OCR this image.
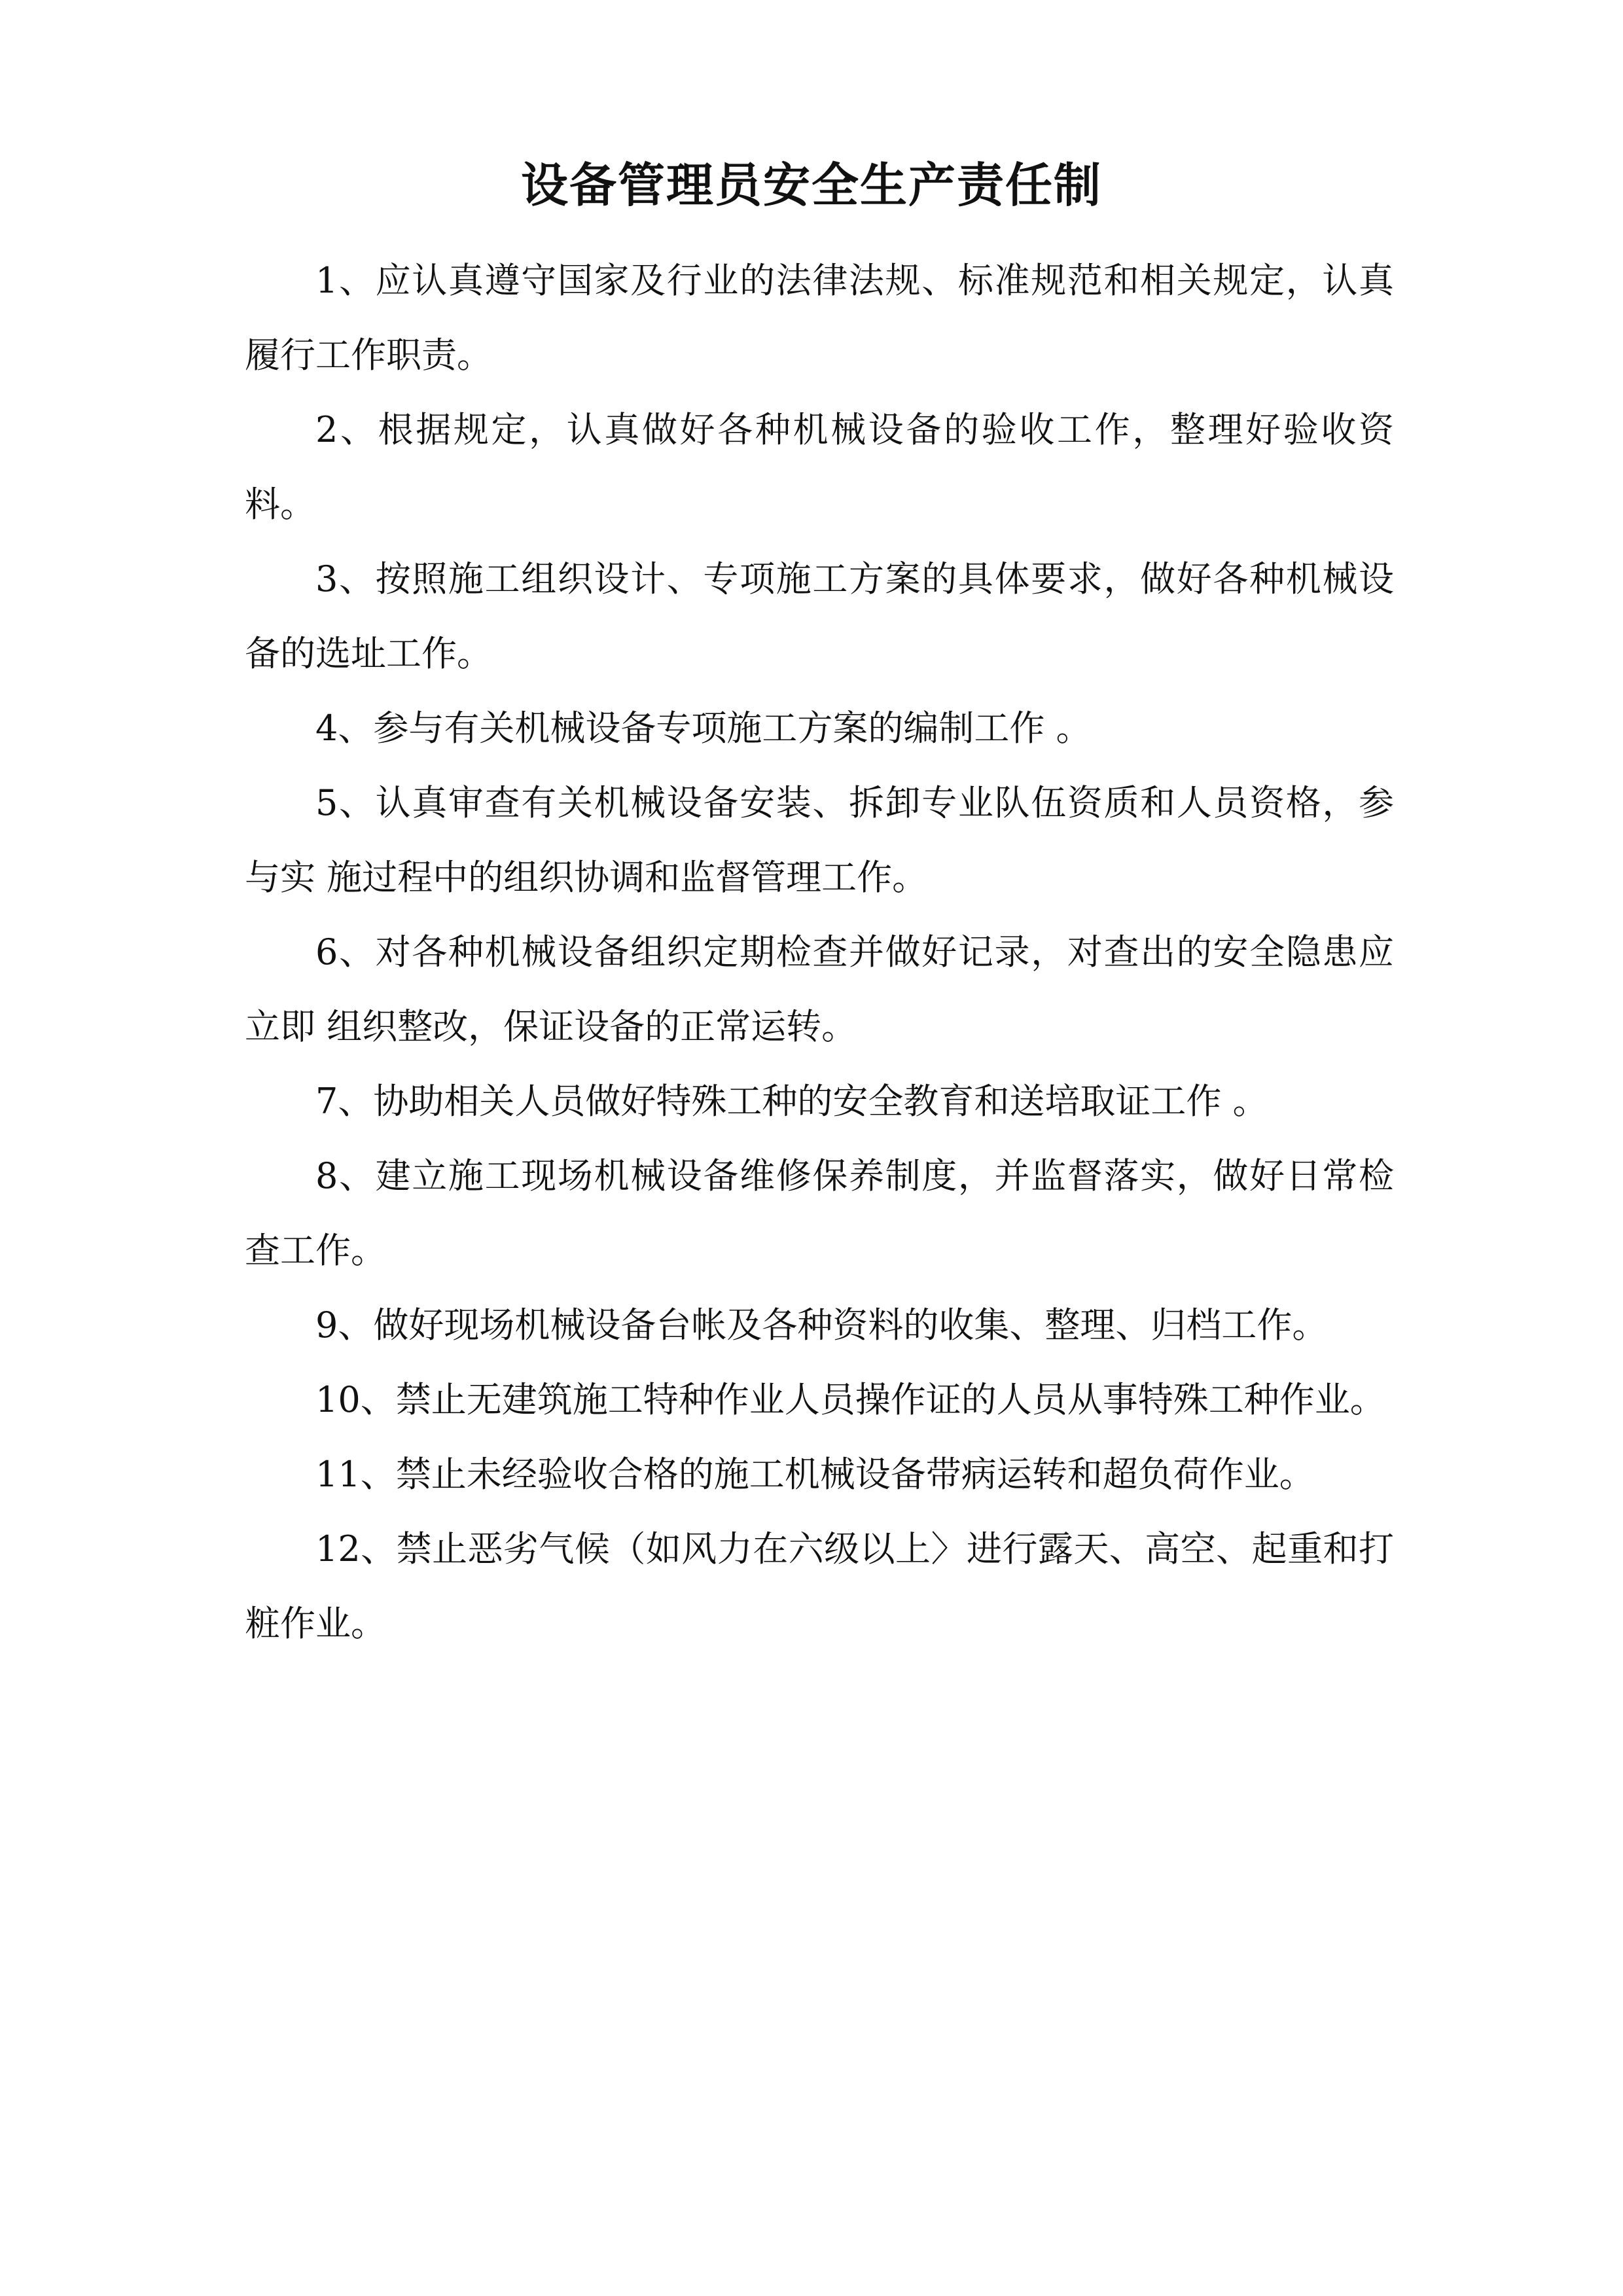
设备管理员安全生产责任制

1、应认真遵守国家及行业的法律法规、标准规范和相关规定，认真履行工作职责。

2、根据规定，认真做好各种机械设备的验收工作，整理好验收资料。

3、按照施工组织设计、专项施工方案的具体要求，做好各种机械设备的选址工作。

4、参与有关机械设备专项施工方案的编制工作 。

5、认真审查有关机械设备安装、拆卸专业队伍资质和人员资格，参与实 施过程中的组织协调和监督管理工作。

6、对各种机械设备组织定期检查并做好记录，对查出的安全隐患应立即 组织整改，保证设备的正常运转。

7、协助相关人员做好特殊工种的安全教育和送培取证工作 。

8、建立施工现场机械设备维修保养制度，并监督落实，做好日常检查工作。

9、做好现场机械设备台帐及各种资料的收集、整理、归档工作。

10、禁止无建筑施工特种作业人员操作证的人员从事特殊工种作业。

11、禁止未经验收合格的施工机械设备带病运转和超负荷作业。

12、禁止恶劣气候（如风力在六级以上〉进行露天、高空、起重和打粧作业。
